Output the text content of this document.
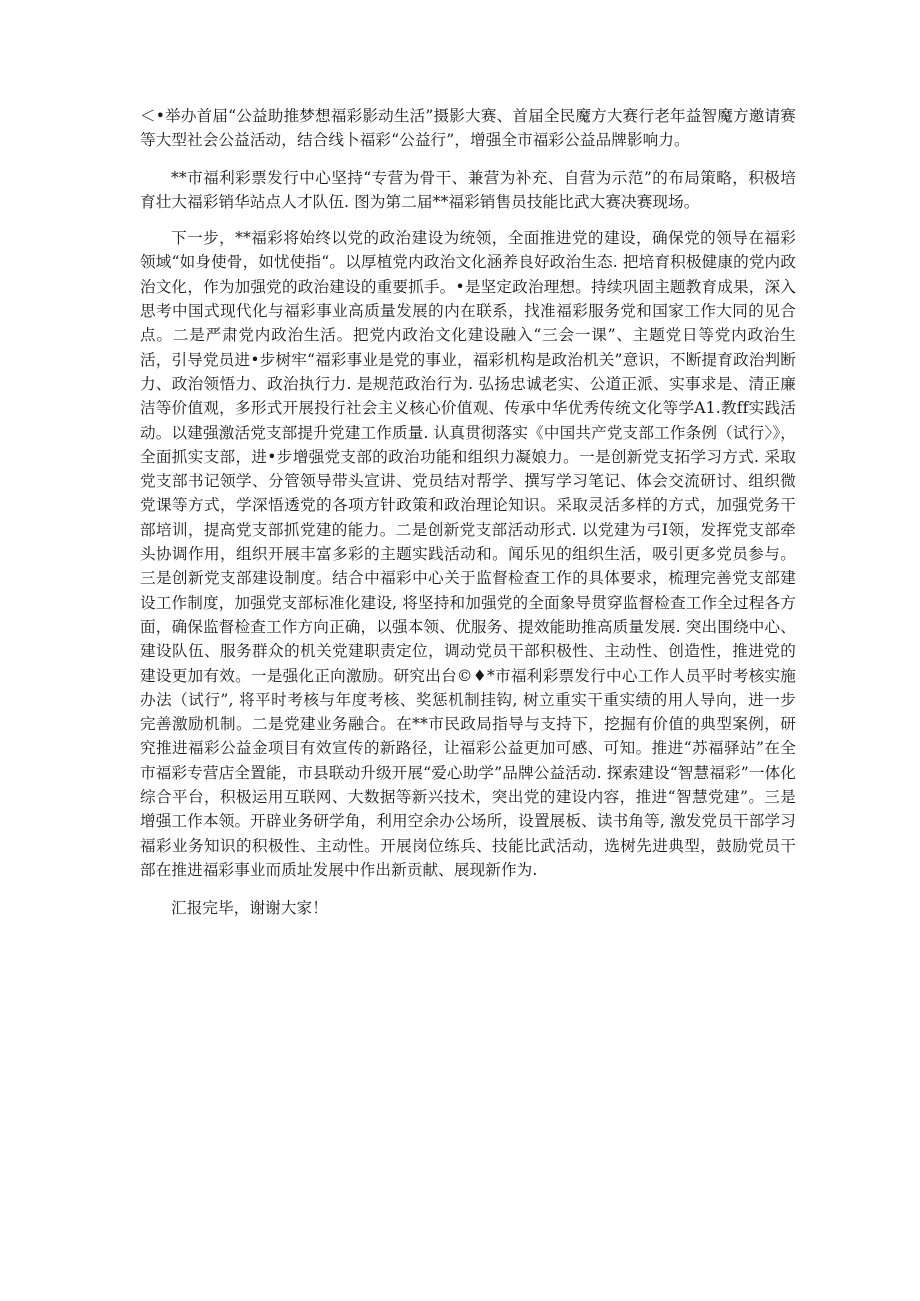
＜•举办首届“公益助推梦想福彩影动生活”摄影大赛、首届全民魔方大赛行老年益智魔方邀请赛等大型社会公益活动，结合线卜福彩“公益行”，增强全市福彩公益品牌影响力。

**市福利彩票发行中心坚持“专营为骨干、兼营为补充、自营为示范”的布局策略，积极培育壮大福彩销华站点人才队伍. 图为第二届**福彩销售员技能比武大赛决赛现场。

下一步，**福彩将始终以党的政治建设为统领，全面推进党的建设，确保党的领导在福彩领域“如身使骨，如忧使指“。以厚植党内政治文化涵养良好政治生态. 把培育积极健康的党内政治文化，作为加强党的政治建设的重要抓手。•是坚定政治理想。持续巩固主题教育成果，深入思考中国式现代化与福彩事业高质量发展的内在联系，找准福彩服务党和国家工作大同的见合点。二是严肃党内政治生活。把党内政治文化建设融入“三会一课”、主题党日等党内政治生活，引导党员进•步树牢“福彩事业是党的事业，福彩机构是政治机关”意识，不断提育政治判断力、政治领悟力、政治执行力. 是规范政治行为. 弘扬忠诚老实、公道正派、实事求是、清正廉洁等价值观，多形式开展投行社会主义核心价值观、传承中华优秀传统文化等学A1.教ff实践活动。以建强激活党支部提升党建工作质量. 认真贯彻落实《中国共产党支部工作条例（试行〉》，全面抓实支部，进•步增强党支部的政治功能和组织力凝娘力。一是创新党支拓学习方式. 采取党支部书记领学、分管领导带头宣讲、党员结对帮学、撰写学习笔记、体会交流研讨、组织微党课等方式，学深悟透党的各项方针政策和政治理论知识。采取灵活多样的方式，加强党务干部培训，提高党支部抓党建的能力。二是创新党支部活动形式. 以党建为弓I领，发挥党支部牵头协调作用，组织开展丰富多彩的主题实践活动和。闻乐见的组织生活，吸引更多党员参与。三是创新党支部建设制度。结合中福彩中心关于监督检查工作的具体要求，梳理完善党支部建设工作制度，加强党支部标准化建设, 将坚持和加强党的全面象导贯穿监督检查工作全过程各方面，确保监督检查工作方向正确，以强本领、优服务、提效能助推高质量发展. 突出围绕中心、建设队伍、服务群众的机关党建职责定位，调动党员干部积极性、主动性、创造性，推进党的建设更加有效。一是强化正向激励。研究出台©♦*市福利彩票发行中心工作人员平时考核实施办法（试行”, 将平时考核与年度考核、奖惩机制挂钩, 树立重实干重实绩的用人导向，进一步完善激励机制。二是党建业务融合。在**市民政局指导与支持下，挖掘有价值的典型案例，研究推进福彩公益金项目有效宣传的新路径，让福彩公益更加可感、可知。推进“苏福驿站”在全市福彩专营店全置能，市县联动升级开展“爱心助学”品牌公益活动. 探索建设“智慧福彩”一体化综合平台，积极运用互联网、大数据等新兴技术，突出党的建设内容，推进“智慧党建”。三是增强工作本领。开辟业务研学角，利用空余办公场所，设置展板、读书角等, 激发党员干部学习福彩业务知识的积极性、主动性。开展岗位练兵、技能比武活动，选树先进典型，鼓励党员干部在推进福彩事业而质址发展中作出新贡献、展现新作为.

汇报完毕，谢谢大家！
